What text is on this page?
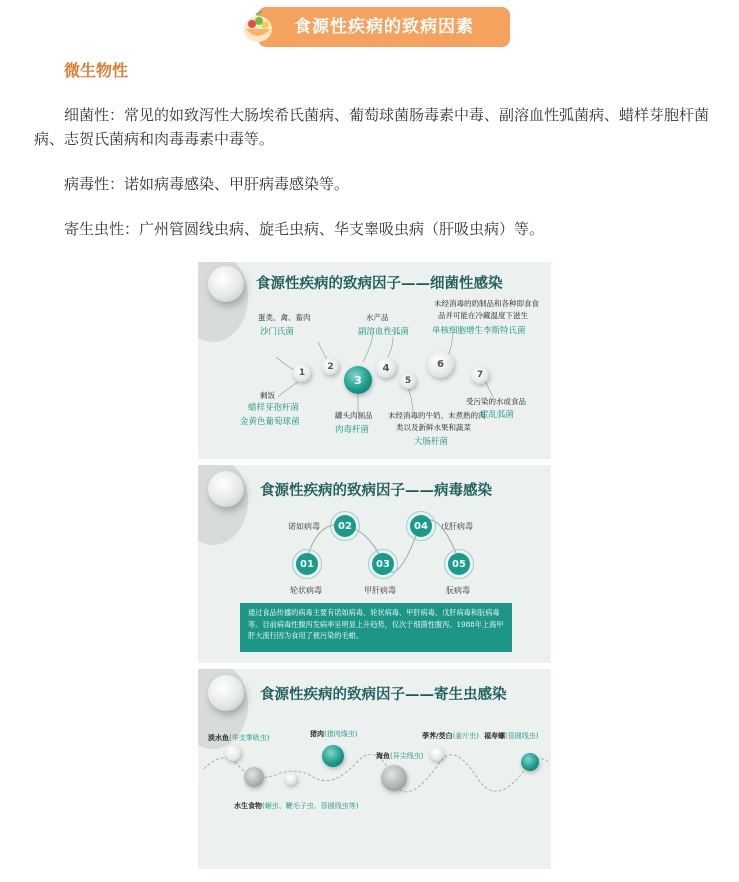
食源性疾病的致病因素
微生物性
细菌性：常见的如致泻性大肠埃希氏菌病、葡萄球菌肠毒素中毒、副溶血性弧菌病、蜡样芽胞杆菌病、志贺氏菌病和肉毒毒素中毒等。
病毒性：诺如病毒感染、甲肝病毒感染等。
寄生虫性：广州管圆线虫病、旋毛虫病、华支睾吸虫病（肝吸虫病）等。
食源性疾病的致病因子——细菌性感染
1
2
3
4
5
6
7
蛋类、禽、畜肉
沙门氏菌
水产品
副溶血性弧菌
未经消毒的奶制品和各种即食食
品并可能在冷藏温度下滋生
单核细胞增生李斯特氏菌
剩饭
蜡样芽孢杆菌
金黄色葡萄球菌
罐头肉制品
肉毒杆菌
未经消毒的牛奶、未煮熟的肉
类以及新鲜水果和蔬菜
大肠杆菌
受污染的水或食品
霍乱弧菌
食源性疾病的致病因子——病毒感染
02
诺如病毒	04	戊肝病毒
01
轮状病毒
03
甲肝病毒
05
朊病毒
通过食品传播的病毒主要有诺如病毒、轮状病毒、甲肝病毒、戊肝病毒和朊病毒等。目前病毒性腹泻发病率呈明显上升趋势，仅次于细菌性腹泻。1988年上海甲肝大流行因为食用了被污染的毛蚶。
食源性疾病的致病因子——寄生虫感染
淡水鱼(华支睾吸虫)	猪肉(猪肉绦虫)
海鱼(异尖线虫)
荸荠/茭白(姜片虫) 福寿螺(管圆线虫)
水生食物(蛔虫、鞭毛子虫、管圆线虫等)
